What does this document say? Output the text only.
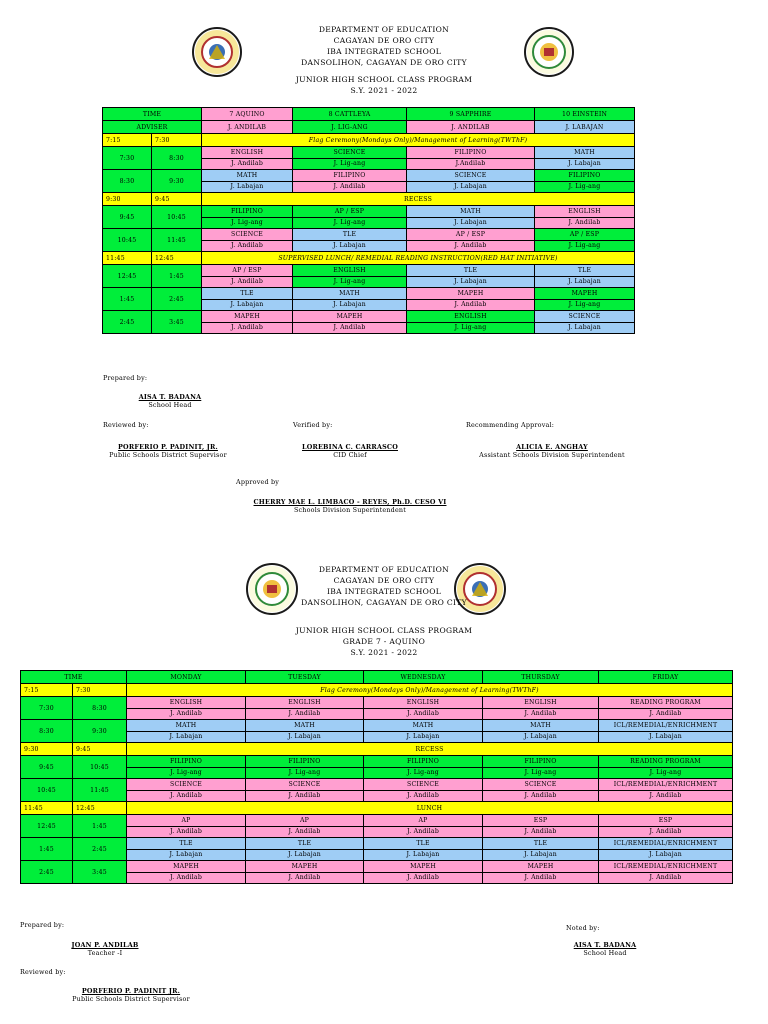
DEPARTMENT OF EDUCATION
CAGAYAN DE ORO CITY
IBA INTEGRATED SCHOOL
DANSOLIHON, CAGAYAN DE ORO CITY
JUNIOR HIGH SCHOOL CLASS PROGRAM
S.Y. 2021 - 2022
TIME		7 AQUINO	8 CATTLEYA	9 SAPPHIRE	10 EINSTEIN
ADVISER		J. ANDILAB	J. LIG-ANG	J. ANDILAB	J. LABAJAN
7:15	7:30	Flag Ceremony(Mondays Only)/Management of Learning(TWThF)			
7:30	8:30	ENGLISH	SCIENCE	FILIPINO	MATH
		J. Andilab	J. Lig-ang	J.Andilab	J. Labajan
8:30	9:30	MATH	FILIPINO	SCIENCE	FILIPINO
		J. Labajan	J. Andilab	J. Labajan	J. Lig-ang
9:30	9:45	RECESS			
9:45	10:45	FILIPINO	AP / ESP	MATH	ENGLISH
		J. Lig-ang	J. Lig-ang	J. Labajan	J. Andilab
10:45	11:45	SCIENCE	TLE	AP / ESP	AP / ESP
		J. Andilab	J. Labajan	J. Andilab	J. Lig-ang
11:45	12:45	SUPERVISED LUNCH/ REMEDIAL READING INSTRUCTION(RED HAT INITIATIVE)			
12:45	1:45	AP / ESP	ENGLISH	TLE	TLE
		J. Andilab	J. Lig-ang	J. Labajan	J. Labajan
1:45	2:45	TLE	MATH	MAPEH	MAPEH
		J. Labajan	J. Labajan	J. Andilab	J. Lig-ang
2:45	3:45	MAPEH	MAPEH	ENGLISH	SCIENCE
		J. Andilab	J. Andilab	J. Lig-ang	J. Labajan
Prepared by:
AISA T. BADANA
School Head
Reviewed by:	Verified by:	Recommending Approval:
PORFERIO P. PADINIT, JR.
Public Schools District Supervisor
LOREBINA C. CARRASCO
CID Chief
ALICIA E. ANGHAY
Assistant Schools Division Superintendent
Approved by
CHERRY MAE L. LIMBACO - REYES, Ph.D. CESO VI
Schools Division Superintendent
DEPARTMENT OF EDUCATION
CAGAYAN DE ORO CITY
IBA INTEGRATED SCHOOL
DANSOLIHON, CAGAYAN DE ORO CITY
JUNIOR HIGH SCHOOL CLASS PROGRAM
GRADE 7 - AQUINO
S.Y. 2021 - 2022
TIME		MONDAY	TUESDAY	WEDNESDAY	THURSDAY	FRIDAY
7:15	7:30	Flag Ceremony(Mondays Only)/Management of Learning(TWThF)				
7:30	8:30	ENGLISH	ENGLISH	ENGLISH	ENGLISH	READING PROGRAM
		J. Andilab	J. Andilab	J. Andilab	J. Andilab	J. Andilab
8:30	9:30	MATH	MATH	MATH	MATH	ICL/REMEDIAL/ENRICHMENT
		J. Labajan	J. Labajan	J. Labajan	J. Labajan	J. Labajan
9:30	9:45	RECESS				
9:45	10:45	FILIPINO	FILIPINO	FILIPINO	FILIPINO	READING PROGRAM
		J. Lig-ang	J. Lig-ang	J. Lig-ang	J. Lig-ang	J. Lig-ang
10:45	11:45	SCIENCE	SCIENCE	SCIENCE	SCIENCE	ICL/REMEDIAL/ENRICHMENT
		J. Andilab	J. Andilab	J. Andilab	J. Andilab	J. Andilab
11:45	12:45	LUNCH				
12:45	1:45	AP	AP	AP	ESP	ESP
		J. Andilab	J. Andilab	J. Andilab	J. Andilab	J. Andilab
1:45	2:45	TLE	TLE	TLE	TLE	ICL/REMEDIAL/ENRICHMENT
		J. Labajan	J. Labajan	J. Labajan	J. Labajan	J. Labajan
2:45	3:45	MAPEH	MAPEH	MAPEH	MAPEH	ICL/REMEDIAL/ENRICHMENT
		J. Andilab	J. Andilab	J. Andilab	J. Andilab	J. Andilab
Prepared by:
JOAN P. ANDILAB
Teacher -I
Noted by:
AISA T. BADANA
School Head
Reviewed by:
PORFERIO P. PADINIT JR.
Public Schools District Supervisor
